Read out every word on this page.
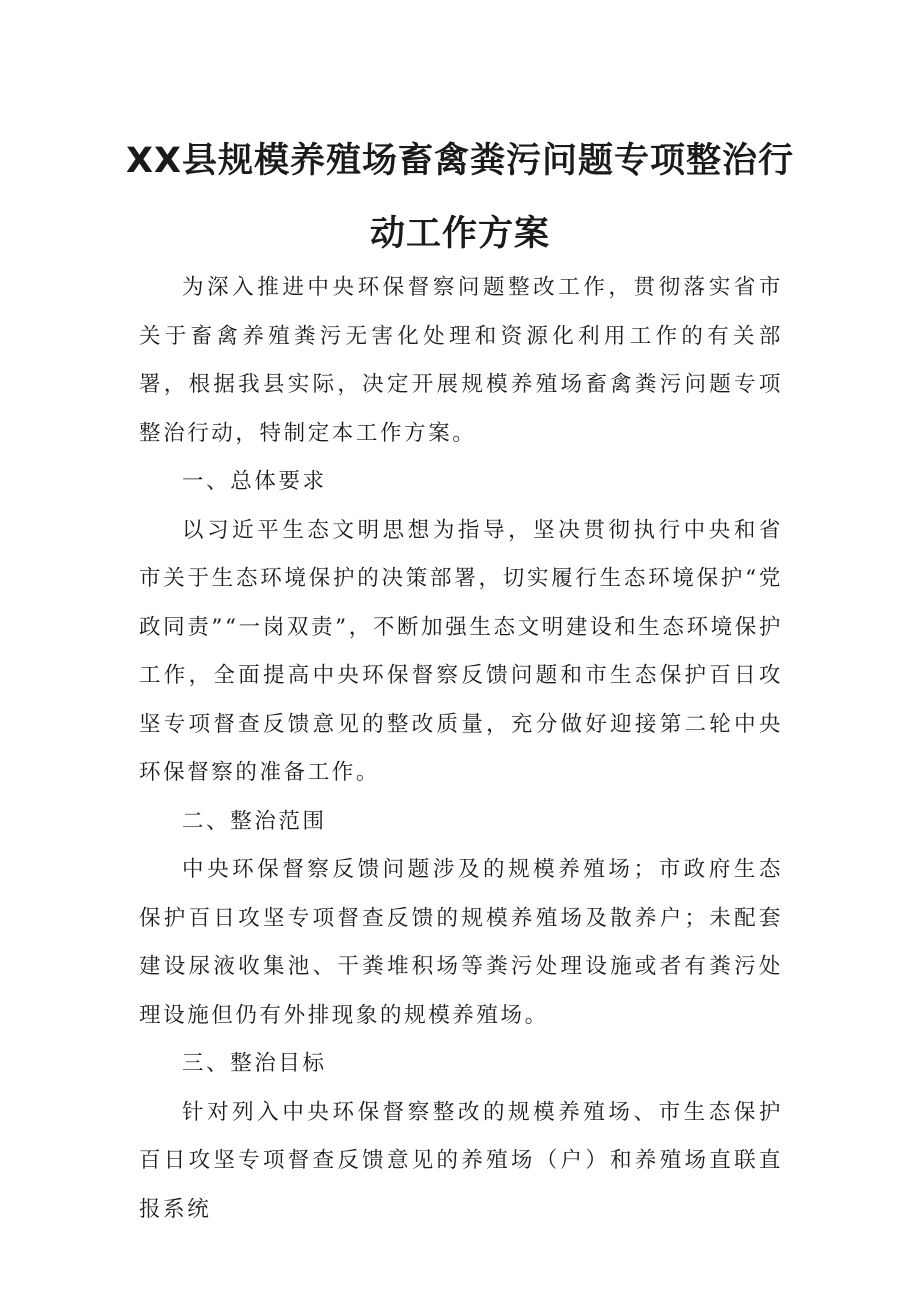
XX县规模养殖场畜禽粪污问题专项整治行
动工作方案

为深入推进中央环保督察问题整改工作，贯彻落实省市关于畜禽养殖粪污无害化处理和资源化利用工作的有关部署，根据我县实际，决定开展规模养殖场畜禽粪污问题专项整治行动，特制定本工作方案。

一、总体要求

以习近平生态文明思想为指导，坚决贯彻执行中央和省市关于生态环境保护的决策部署，切实履行生态环境保护“党政同责”“一岗双责”，不断加强生态文明建设和生态环境保护工作，全面提高中央环保督察反馈问题和市生态保护百日攻坚专项督查反馈意见的整改质量，充分做好迎接第二轮中央环保督察的准备工作。

二、整治范围

中央环保督察反馈问题涉及的规模养殖场；市政府生态保护百日攻坚专项督查反馈的规模养殖场及散养户；未配套建设尿液收集池、干粪堆积场等粪污处理设施或者有粪污处理设施但仍有外排现象的规模养殖场。

三、整治目标

针对列入中央环保督察整改的规模养殖场、市生态保护百日攻坚专项督查反馈意见的养殖场（户）和养殖场直联直报系统
